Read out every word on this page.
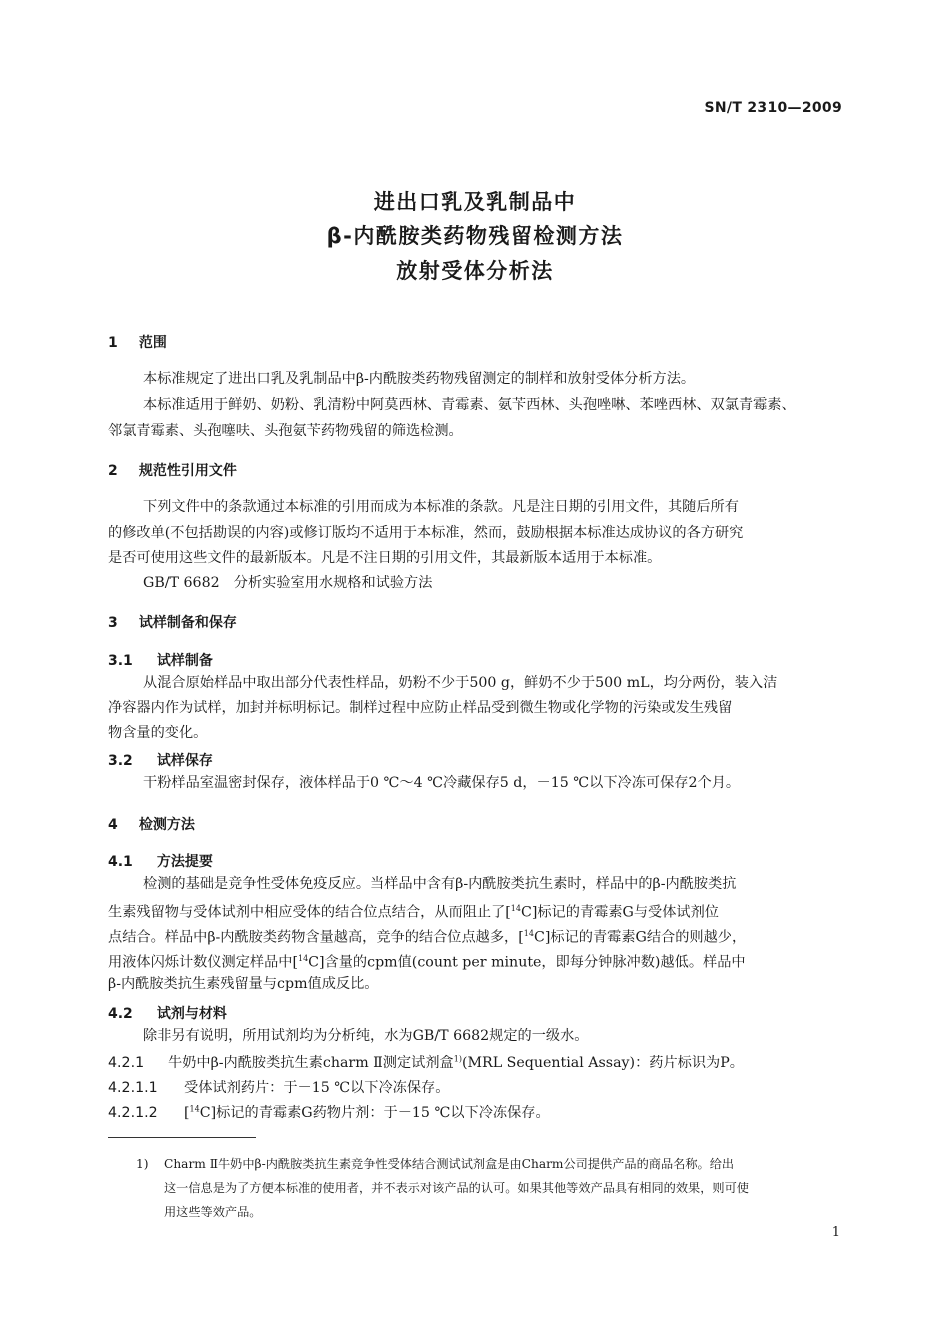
SN/T 2310—2009
进出口乳及乳制品中
β-内酰胺类药物残留检测方法
放射受体分析法
1 范围
本标准规定了进出口乳及乳制品中β-内酰胺类药物残留测定的制样和放射受体分析方法。
本标准适用于鲜奶、奶粉、乳清粉中阿莫西林、青霉素、氨苄西林、头孢唑啉、苯唑西林、双氯青霉素、
邻氯青霉素、头孢噻呋、头孢氨苄药物残留的筛选检测。
2 规范性引用文件
下列文件中的条款通过本标准的引用而成为本标准的条款。凡是注日期的引用文件，其随后所有
的修改单(不包括勘误的内容)或修订版均不适用于本标准，然而，鼓励根据本标准达成协议的各方研究
是否可使用这些文件的最新版本。凡是不注日期的引用文件，其最新版本适用于本标准。
GB/T 6682　分析实验室用水规格和试验方法
3 试样制备和保存
3.1 试样制备
从混合原始样品中取出部分代表性样品，奶粉不少于500 g，鲜奶不少于500 mL，均分两份，装入洁
净容器内作为试样，加封并标明标记。制样过程中应防止样品受到微生物或化学物的污染或发生残留
物含量的变化。
3.2 试样保存
干粉样品室温密封保存，液体样品于0 ℃～4 ℃冷藏保存5 d，－15 ℃以下冷冻可保存2个月。
4 检测方法
4.1 方法提要
检测的基础是竞争性受体免疫反应。当样品中含有β-内酰胺类抗生素时，样品中的β-内酰胺类抗
生素残留物与受体试剂中相应受体的结合位点结合，从而阻止了[$^{14}$C]标记的青霉素G与受体试剂位
点结合。样品中β-内酰胺类药物含量越高，竞争的结合位点越多，[$^{14}$C]标记的青霉素G结合的则越少，
用液体闪烁计数仪测定样品中[$^{14}$C]含量的cpm值(count per minute，即每分钟脉冲数)越低。样品中
β-内酰胺类抗生素残留量与cpm值成反比。
4.2 试剂与材料
除非另有说明，所用试剂均为分析纯，水为GB/T 6682规定的一级水。
4.2.1 牛奶中β-内酰胺类抗生素charm Ⅱ测定试剂盒$^{1)}$(MRL Sequential Assay)：药片标识为P。
4.2.1.1 受体试剂药片：于－15 ℃以下冷冻保存。
4.2.1.2 [$^{14}$C]标记的青霉素G药物片剂：于－15 ℃以下冷冻保存。
1) Charm Ⅱ牛奶中β-内酰胺类抗生素竞争性受体结合测试试剂盒是由Charm公司提供产品的商品名称。给出
这一信息是为了方便本标准的使用者，并不表示对该产品的认可。如果其他等效产品具有相同的效果，则可使
用这些等效产品。
1
